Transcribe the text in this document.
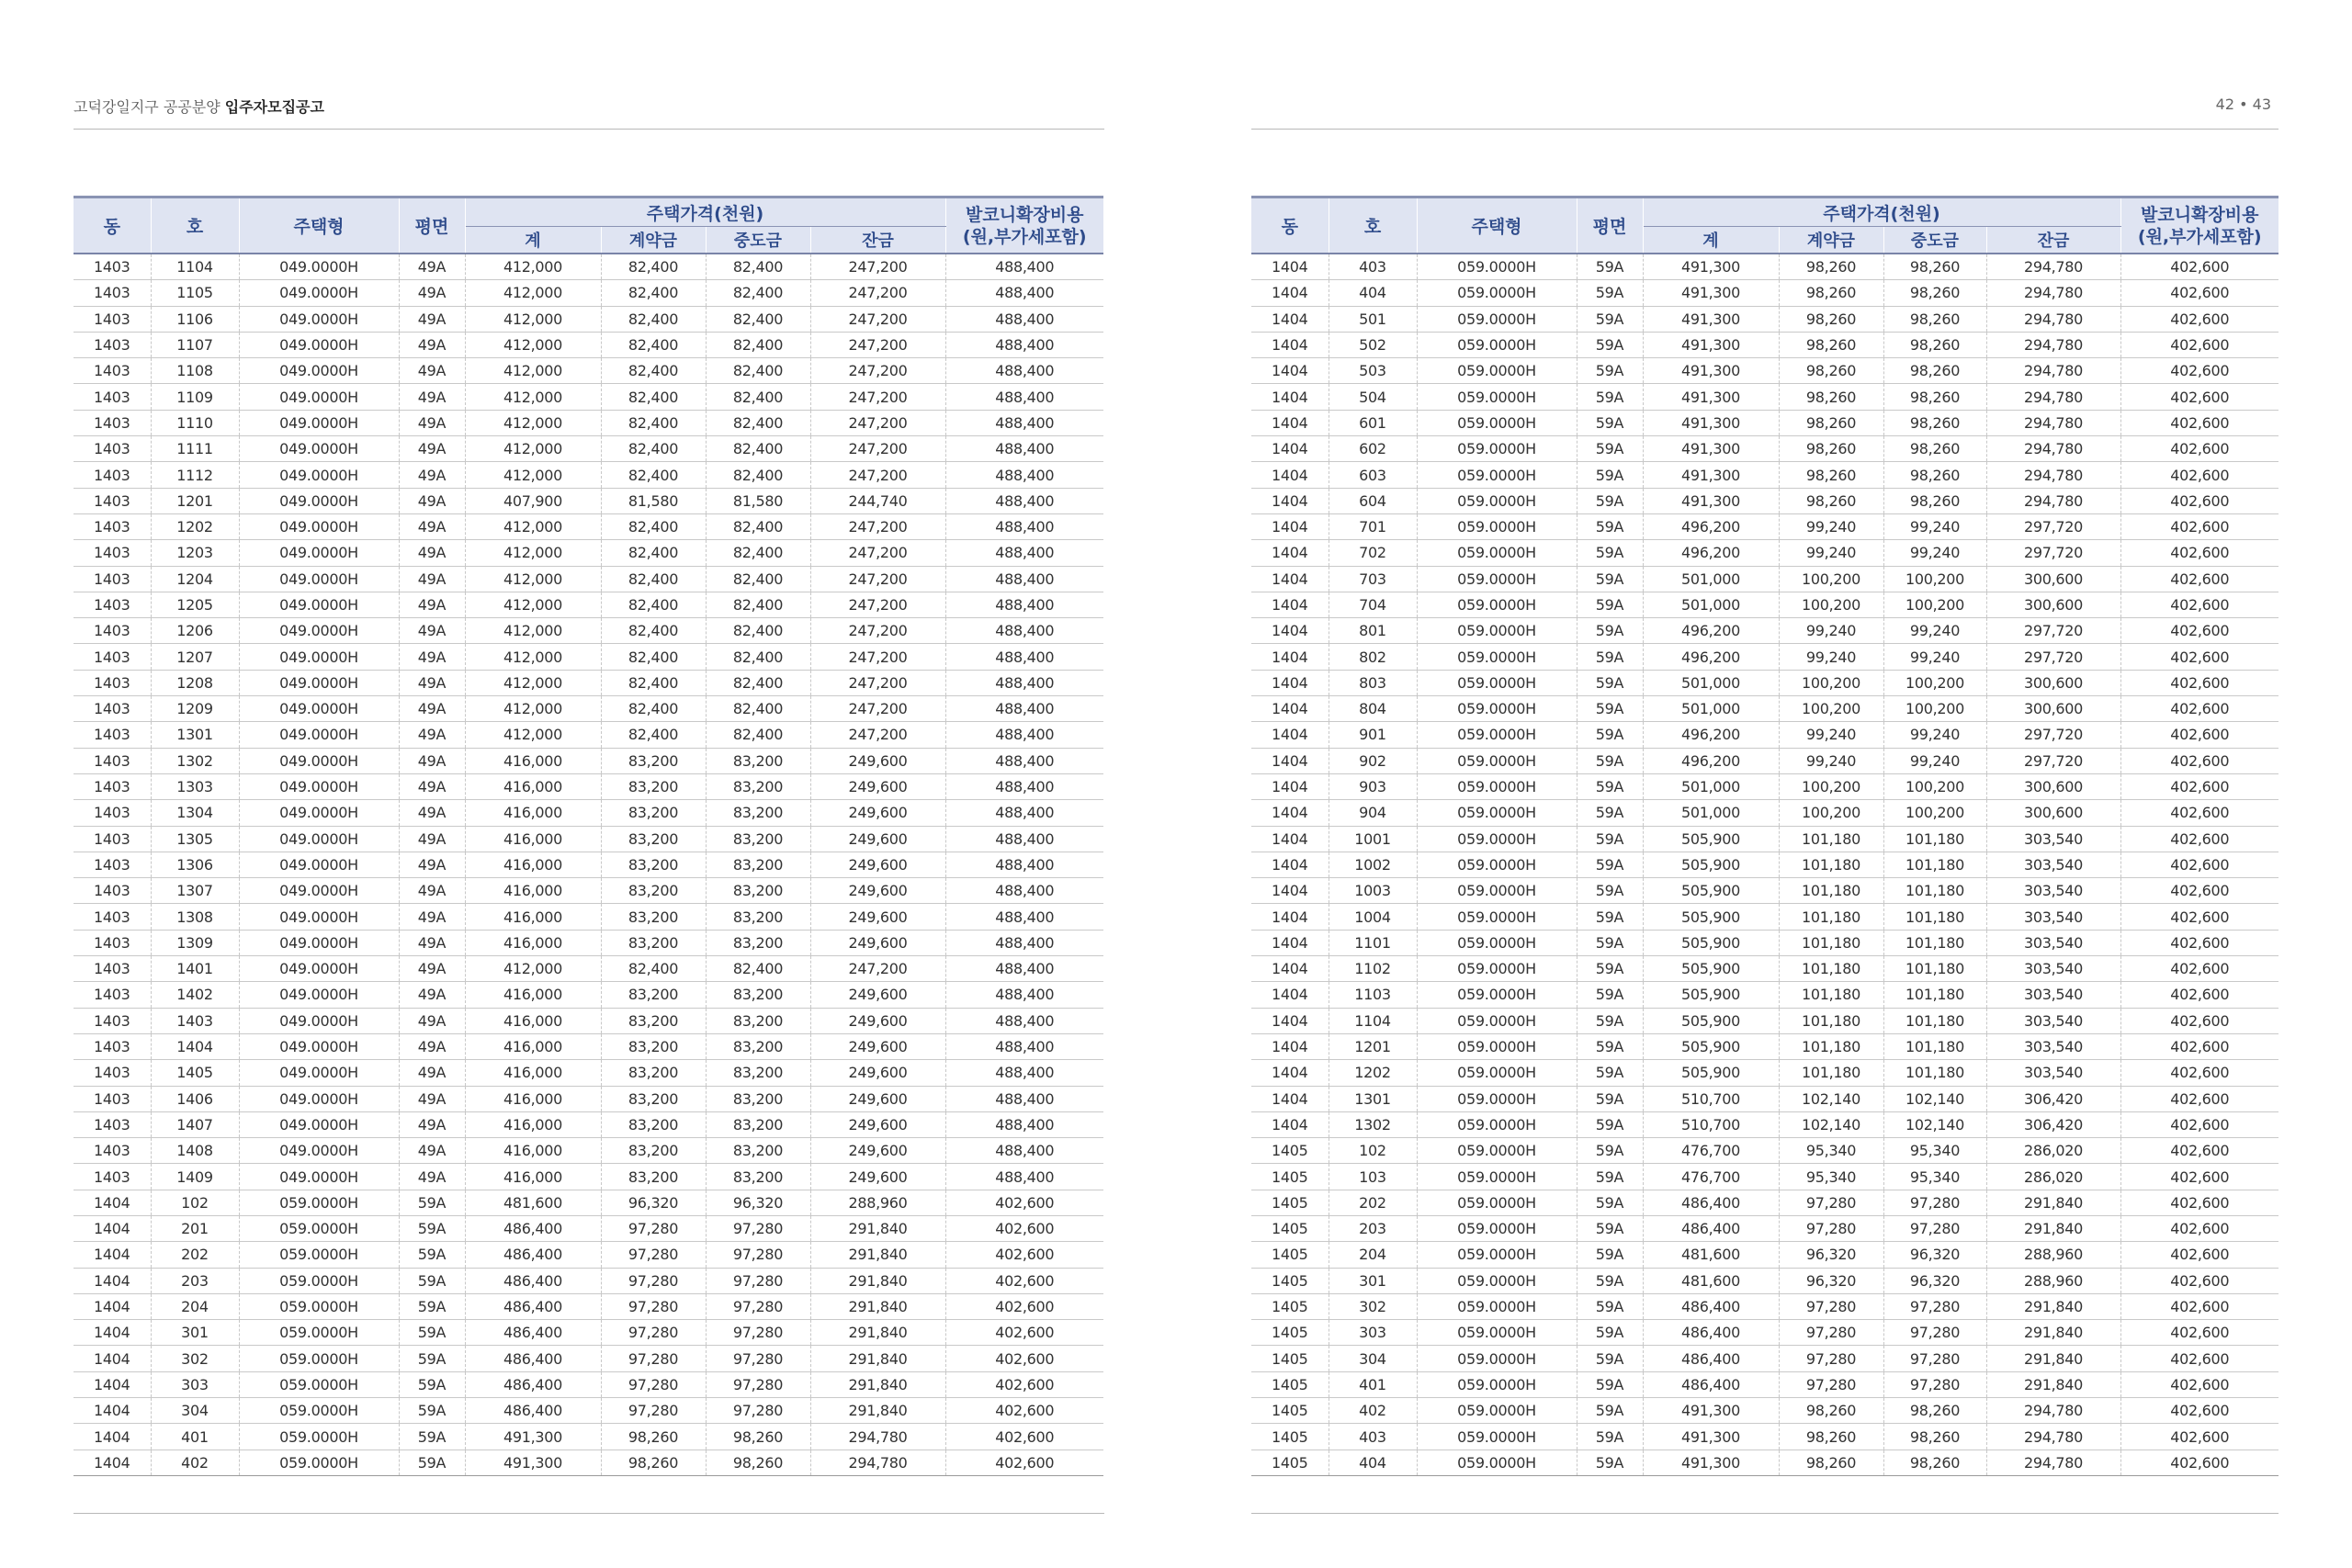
고덕강일지구 공공분양 입주자모집공고	42 • 43
동	호	주택형	평면	주택가격(천원)				발코니확장비용
(원,부가세포함)
				계	계약금	중도금	잔금	
1403	1104	049.0000H	49A	412,000	82,400	82,400	247,200	488,400
1403	1105	049.0000H	49A	412,000	82,400	82,400	247,200	488,400
1403	1106	049.0000H	49A	412,000	82,400	82,400	247,200	488,400
1403	1107	049.0000H	49A	412,000	82,400	82,400	247,200	488,400
1403	1108	049.0000H	49A	412,000	82,400	82,400	247,200	488,400
1403	1109	049.0000H	49A	412,000	82,400	82,400	247,200	488,400
1403	1110	049.0000H	49A	412,000	82,400	82,400	247,200	488,400
1403	1111	049.0000H	49A	412,000	82,400	82,400	247,200	488,400
1403	1112	049.0000H	49A	412,000	82,400	82,400	247,200	488,400
1403	1201	049.0000H	49A	407,900	81,580	81,580	244,740	488,400
1403	1202	049.0000H	49A	412,000	82,400	82,400	247,200	488,400
1403	1203	049.0000H	49A	412,000	82,400	82,400	247,200	488,400
1403	1204	049.0000H	49A	412,000	82,400	82,400	247,200	488,400
1403	1205	049.0000H	49A	412,000	82,400	82,400	247,200	488,400
1403	1206	049.0000H	49A	412,000	82,400	82,400	247,200	488,400
1403	1207	049.0000H	49A	412,000	82,400	82,400	247,200	488,400
1403	1208	049.0000H	49A	412,000	82,400	82,400	247,200	488,400
1403	1209	049.0000H	49A	412,000	82,400	82,400	247,200	488,400
1403	1301	049.0000H	49A	412,000	82,400	82,400	247,200	488,400
1403	1302	049.0000H	49A	416,000	83,200	83,200	249,600	488,400
1403	1303	049.0000H	49A	416,000	83,200	83,200	249,600	488,400
1403	1304	049.0000H	49A	416,000	83,200	83,200	249,600	488,400
1403	1305	049.0000H	49A	416,000	83,200	83,200	249,600	488,400
1403	1306	049.0000H	49A	416,000	83,200	83,200	249,600	488,400
1403	1307	049.0000H	49A	416,000	83,200	83,200	249,600	488,400
1403	1308	049.0000H	49A	416,000	83,200	83,200	249,600	488,400
1403	1309	049.0000H	49A	416,000	83,200	83,200	249,600	488,400
1403	1401	049.0000H	49A	412,000	82,400	82,400	247,200	488,400
1403	1402	049.0000H	49A	416,000	83,200	83,200	249,600	488,400
1403	1403	049.0000H	49A	416,000	83,200	83,200	249,600	488,400
1403	1404	049.0000H	49A	416,000	83,200	83,200	249,600	488,400
1403	1405	049.0000H	49A	416,000	83,200	83,200	249,600	488,400
1403	1406	049.0000H	49A	416,000	83,200	83,200	249,600	488,400
1403	1407	049.0000H	49A	416,000	83,200	83,200	249,600	488,400
1403	1408	049.0000H	49A	416,000	83,200	83,200	249,600	488,400
1403	1409	049.0000H	49A	416,000	83,200	83,200	249,600	488,400
1404	102	059.0000H	59A	481,600	96,320	96,320	288,960	402,600
1404	201	059.0000H	59A	486,400	97,280	97,280	291,840	402,600
1404	202	059.0000H	59A	486,400	97,280	97,280	291,840	402,600
1404	203	059.0000H	59A	486,400	97,280	97,280	291,840	402,600
1404	204	059.0000H	59A	486,400	97,280	97,280	291,840	402,600
1404	301	059.0000H	59A	486,400	97,280	97,280	291,840	402,600
1404	302	059.0000H	59A	486,400	97,280	97,280	291,840	402,600
1404	303	059.0000H	59A	486,400	97,280	97,280	291,840	402,600
1404	304	059.0000H	59A	486,400	97,280	97,280	291,840	402,600
1404	401	059.0000H	59A	491,300	98,260	98,260	294,780	402,600
1404	402	059.0000H	59A	491,300	98,260	98,260	294,780	402,600
동	호	주택형	평면	주택가격(천원)				발코니확장비용
(원,부가세포함)
				계	계약금	중도금	잔금	
1404	403	059.0000H	59A	491,300	98,260	98,260	294,780	402,600
1404	404	059.0000H	59A	491,300	98,260	98,260	294,780	402,600
1404	501	059.0000H	59A	491,300	98,260	98,260	294,780	402,600
1404	502	059.0000H	59A	491,300	98,260	98,260	294,780	402,600
1404	503	059.0000H	59A	491,300	98,260	98,260	294,780	402,600
1404	504	059.0000H	59A	491,300	98,260	98,260	294,780	402,600
1404	601	059.0000H	59A	491,300	98,260	98,260	294,780	402,600
1404	602	059.0000H	59A	491,300	98,260	98,260	294,780	402,600
1404	603	059.0000H	59A	491,300	98,260	98,260	294,780	402,600
1404	604	059.0000H	59A	491,300	98,260	98,260	294,780	402,600
1404	701	059.0000H	59A	496,200	99,240	99,240	297,720	402,600
1404	702	059.0000H	59A	496,200	99,240	99,240	297,720	402,600
1404	703	059.0000H	59A	501,000	100,200	100,200	300,600	402,600
1404	704	059.0000H	59A	501,000	100,200	100,200	300,600	402,600
1404	801	059.0000H	59A	496,200	99,240	99,240	297,720	402,600
1404	802	059.0000H	59A	496,200	99,240	99,240	297,720	402,600
1404	803	059.0000H	59A	501,000	100,200	100,200	300,600	402,600
1404	804	059.0000H	59A	501,000	100,200	100,200	300,600	402,600
1404	901	059.0000H	59A	496,200	99,240	99,240	297,720	402,600
1404	902	059.0000H	59A	496,200	99,240	99,240	297,720	402,600
1404	903	059.0000H	59A	501,000	100,200	100,200	300,600	402,600
1404	904	059.0000H	59A	501,000	100,200	100,200	300,600	402,600
1404	1001	059.0000H	59A	505,900	101,180	101,180	303,540	402,600
1404	1002	059.0000H	59A	505,900	101,180	101,180	303,540	402,600
1404	1003	059.0000H	59A	505,900	101,180	101,180	303,540	402,600
1404	1004	059.0000H	59A	505,900	101,180	101,180	303,540	402,600
1404	1101	059.0000H	59A	505,900	101,180	101,180	303,540	402,600
1404	1102	059.0000H	59A	505,900	101,180	101,180	303,540	402,600
1404	1103	059.0000H	59A	505,900	101,180	101,180	303,540	402,600
1404	1104	059.0000H	59A	505,900	101,180	101,180	303,540	402,600
1404	1201	059.0000H	59A	505,900	101,180	101,180	303,540	402,600
1404	1202	059.0000H	59A	505,900	101,180	101,180	303,540	402,600
1404	1301	059.0000H	59A	510,700	102,140	102,140	306,420	402,600
1404	1302	059.0000H	59A	510,700	102,140	102,140	306,420	402,600
1405	102	059.0000H	59A	476,700	95,340	95,340	286,020	402,600
1405	103	059.0000H	59A	476,700	95,340	95,340	286,020	402,600
1405	202	059.0000H	59A	486,400	97,280	97,280	291,840	402,600
1405	203	059.0000H	59A	486,400	97,280	97,280	291,840	402,600
1405	204	059.0000H	59A	481,600	96,320	96,320	288,960	402,600
1405	301	059.0000H	59A	481,600	96,320	96,320	288,960	402,600
1405	302	059.0000H	59A	486,400	97,280	97,280	291,840	402,600
1405	303	059.0000H	59A	486,400	97,280	97,280	291,840	402,600
1405	304	059.0000H	59A	486,400	97,280	97,280	291,840	402,600
1405	401	059.0000H	59A	486,400	97,280	97,280	291,840	402,600
1405	402	059.0000H	59A	491,300	98,260	98,260	294,780	402,600
1405	403	059.0000H	59A	491,300	98,260	98,260	294,780	402,600
1405	404	059.0000H	59A	491,300	98,260	98,260	294,780	402,600
